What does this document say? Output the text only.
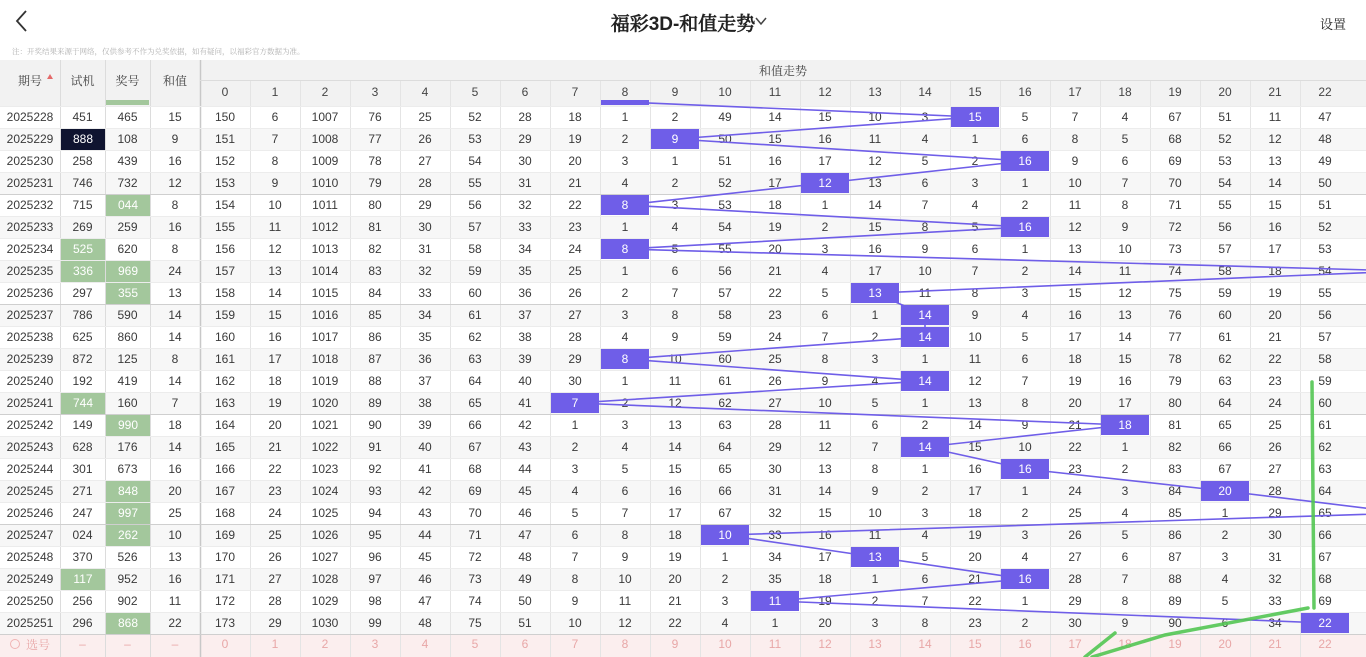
福彩3D-和值走势	设置
注：开奖结果来源于网络，仅供参考不作为兑奖依据，如有疑问，以福彩官方数据为准。
期号	试机	奖号	和值
和值走势
0	1	2	3	4	5	6	7	8	9	10	11	12	13	14	15	16	17	18	19	20	21	22
2025228	451	465	15	150	6	1007	76	25	52	28	18	1	2	49	14	15	10	3	15	5	7	4	67	51	11	47
2025229	888	108	9	151	7	1008	77	26	53	29	19	2	9	50	15	16	11	4	1	6	8	5	68	52	12	48
2025230	258	439	16	152	8	1009	78	27	54	30	20	3	1	51	16	17	12	5	2	16	9	6	69	53	13	49
2025231	746	732	12	153	9	1010	79	28	55	31	21	4	2	52	17	12	13	6	3	1	10	7	70	54	14	50
2025232	715	044	8	154	10	1011	80	29	56	32	22	8	3	53	18	1	14	7	4	2	11	8	71	55	15	51
2025233	269	259	16	155	11	1012	81	30	57	33	23	1	4	54	19	2	15	8	5	16	12	9	72	56	16	52
2025234	525	620	8	156	12	1013	82	31	58	34	24	8	5	55	20	3	16	9	6	1	13	10	73	57	17	53
2025235	336	969	24	157	13	1014	83	32	59	35	25	1	6	56	21	4	17	10	7	2	14	11	74	58	18	54
2025236	297	355	13	158	14	1015	84	33	60	36	26	2	7	57	22	5	13	11	8	3	15	12	75	59	19	55
2025237	786	590	14	159	15	1016	85	34	61	37	27	3	8	58	23	6	1	14	9	4	16	13	76	60	20	56
2025238	625	860	14	160	16	1017	86	35	62	38	28	4	9	59	24	7	2	14	10	5	17	14	77	61	21	57
2025239	872	125	8	161	17	1018	87	36	63	39	29	8	10	60	25	8	3	1	11	6	18	15	78	62	22	58
2025240	192	419	14	162	18	1019	88	37	64	40	30	1	11	61	26	9	4	14	12	7	19	16	79	63	23	59
2025241	744	160	7	163	19	1020	89	38	65	41	7	2	12	62	27	10	5	1	13	8	20	17	80	64	24	60
2025242	149	990	18	164	20	1021	90	39	66	42	1	3	13	63	28	11	6	2	14	9	21	18	81	65	25	61
2025243	628	176	14	165	21	1022	91	40	67	43	2	4	14	64	29	12	7	14	15	10	22	1	82	66	26	62
2025244	301	673	16	166	22	1023	92	41	68	44	3	5	15	65	30	13	8	1	16	16	23	2	83	67	27	63
2025245	271	848	20	167	23	1024	93	42	69	45	4	6	16	66	31	14	9	2	17	1	24	3	84	20	28	64
2025246	247	997	25	168	24	1025	94	43	70	46	5	7	17	67	32	15	10	3	18	2	25	4	85	1	29	65
2025247	024	262	10	169	25	1026	95	44	71	47	6	8	18	10	33	16	11	4	19	3	26	5	86	2	30	66
2025248	370	526	13	170	26	1027	96	45	72	48	7	9	19	1	34	17	13	5	20	4	27	6	87	3	31	67
2025249	117	952	16	171	27	1028	97	46	73	49	8	10	20	2	35	18	1	6	21	16	28	7	88	4	32	68
2025250	256	902	11	172	28	1029	98	47	74	50	9	11	21	3	11	19	2	7	22	1	29	8	89	5	33	69
2025251	296	868	22	173	29	1030	99	48	75	51	10	12	22	4	1	20	3	8	23	2	30	9	90	6	34	22
选号	–	–	–	0	1	2	3	4	5	6	7	8	9	10	11	12	13	14	15	16	17	18	19	20	21	22
